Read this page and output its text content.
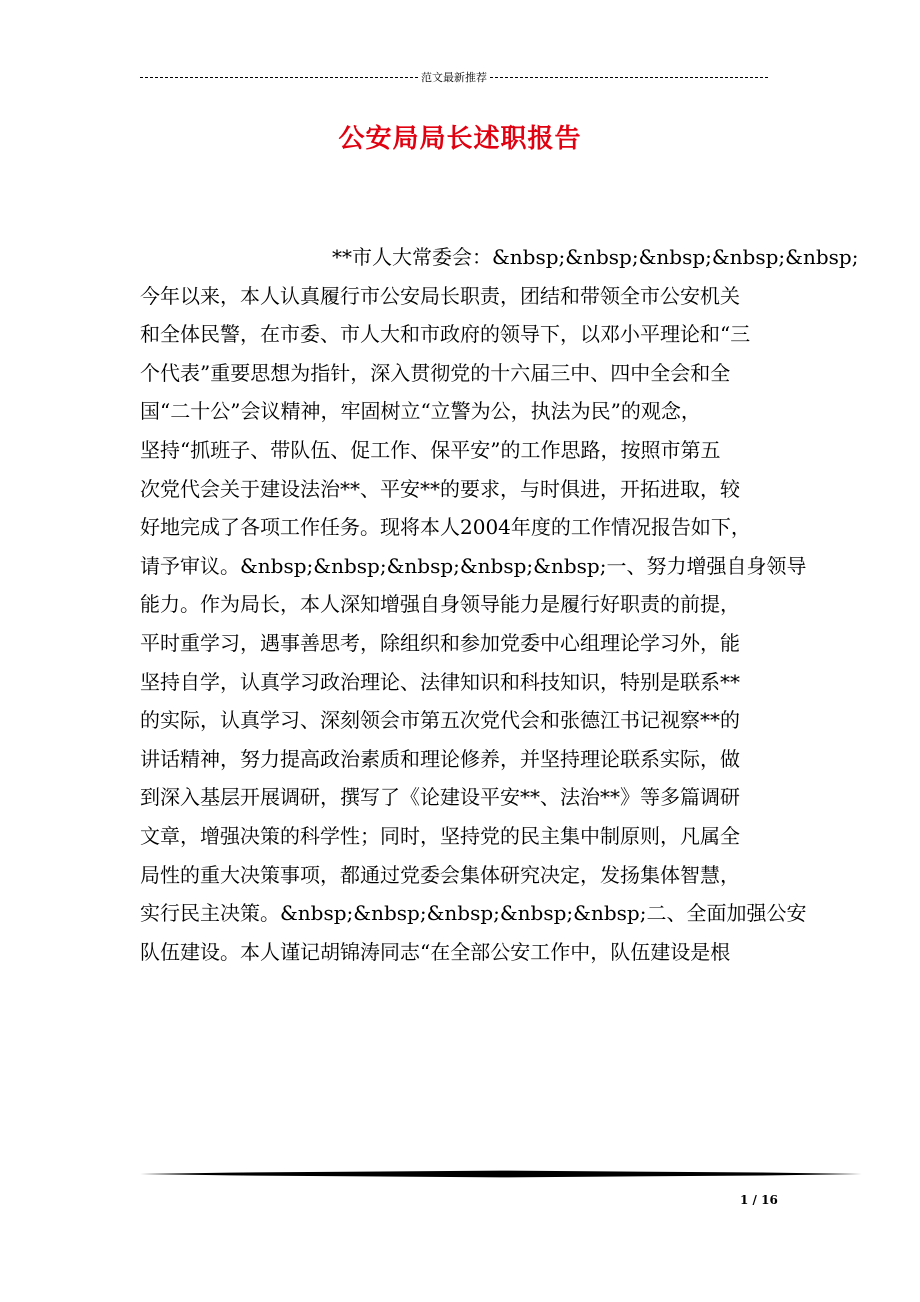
范文最新推荐
公安局局长述职报告
**市人大常委会：&nbsp;&nbsp;&nbsp;&nbsp;&nbsp;
今年以来，本人认真履行市公安局长职责，团结和带领全市公安机关
和全体民警，在市委、市人大和市政府的领导下，以邓小平理论和“三
个代表”重要思想为指针，深入贯彻党的十六届三中、四中全会和全
国“二十公”会议精神，牢固树立“立警为公，执法为民”的观念，
坚持“抓班子、带队伍、促工作、保平安”的工作思路，按照市第五
次党代会关于建设法治**、平安**的要求，与时俱进，开拓进取，较
好地完成了各项工作任务。现将本人2004年度的工作情况报告如下，
请予审议。&nbsp;&nbsp;&nbsp;&nbsp;&nbsp;一、努力增强自身领导
能力。作为局长，本人深知增强自身领导能力是履行好职责的前提，
平时重学习，遇事善思考，除组织和参加党委中心组理论学习外，能
坚持自学，认真学习政治理论、法律知识和科技知识，特别是联系**
的实际，认真学习、深刻领会市第五次党代会和张德江书记视察**的
讲话精神，努力提高政治素质和理论修养，并坚持理论联系实际，做
到深入基层开展调研，撰写了《论建设平安**、法治**》等多篇调研
文章，增强决策的科学性；同时，坚持党的民主集中制原则，凡属全
局性的重大决策事项，都通过党委会集体研究决定，发扬集体智慧，
实行民主决策。&nbsp;&nbsp;&nbsp;&nbsp;&nbsp;二、全面加强公安
队伍建设。本人谨记胡锦涛同志“在全部公安工作中，队伍建设是根
1 / 16
